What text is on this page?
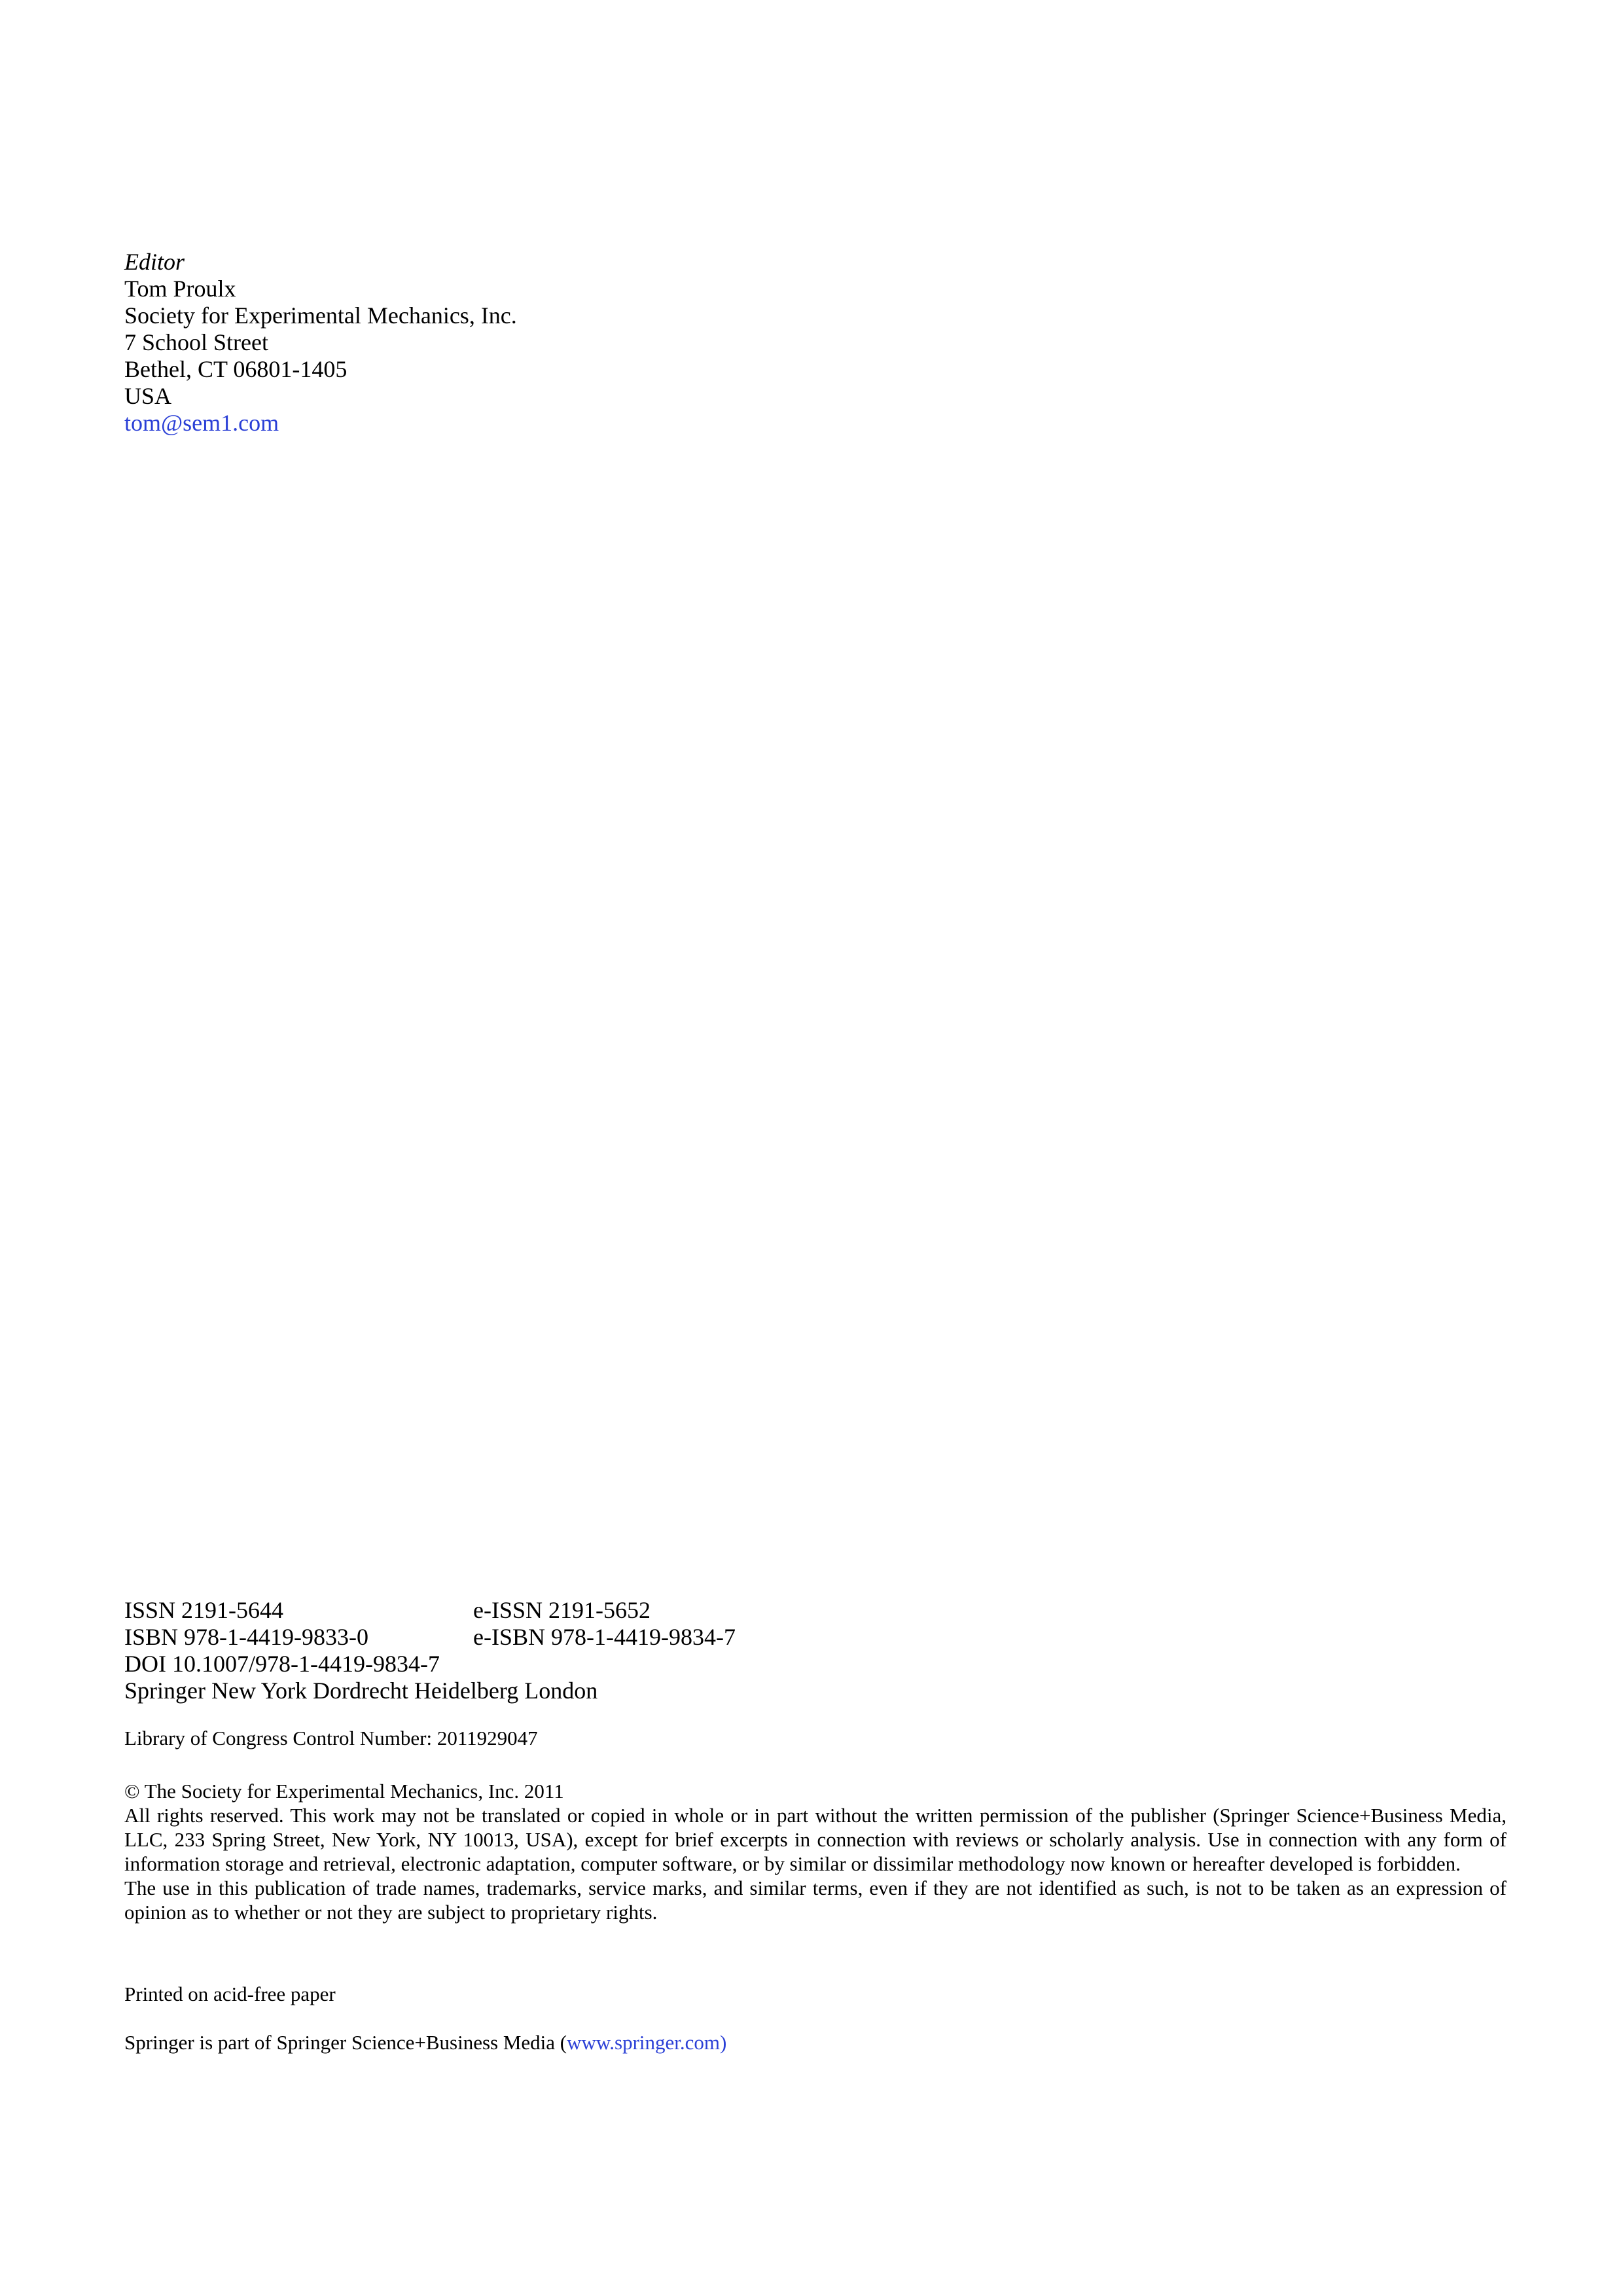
Editor
Tom Proulx
Society for Experimental Mechanics, Inc.
7 School Street
Bethel, CT 06801-1405
USA
tom@sem1.com
ISSN 2191-5644	e-ISSN 2191-5652
ISBN 978-1-4419-9833-0	e-ISBN 978-1-4419-9834-7
DOI 10.1007/978-1-4419-9834-7
Springer New York Dordrecht Heidelberg London
Library of Congress Control Number: 2011929047

© The Society for Experimental Mechanics, Inc. 2011

All rights reserved. This work may not be translated or copied in whole or in part without the written permission of the publisher (Springer Science+Business Media, LLC, 233 Spring Street, New York, NY 10013, USA), except for brief excerpts in connection with reviews or scholarly analysis. Use in connection with any form of information storage and retrieval, electronic adaptation, computer software, or by similar or dissimilar methodology now known or hereafter developed is forbidden.

The use in this publication of trade names, trademarks, service marks, and similar terms, even if they are not identified as such, is not to be taken as an expression of opinion as to whether or not they are subject to proprietary rights.

Printed on acid-free paper
Springer is part of Springer Science+Business Media (www.springer.com)
